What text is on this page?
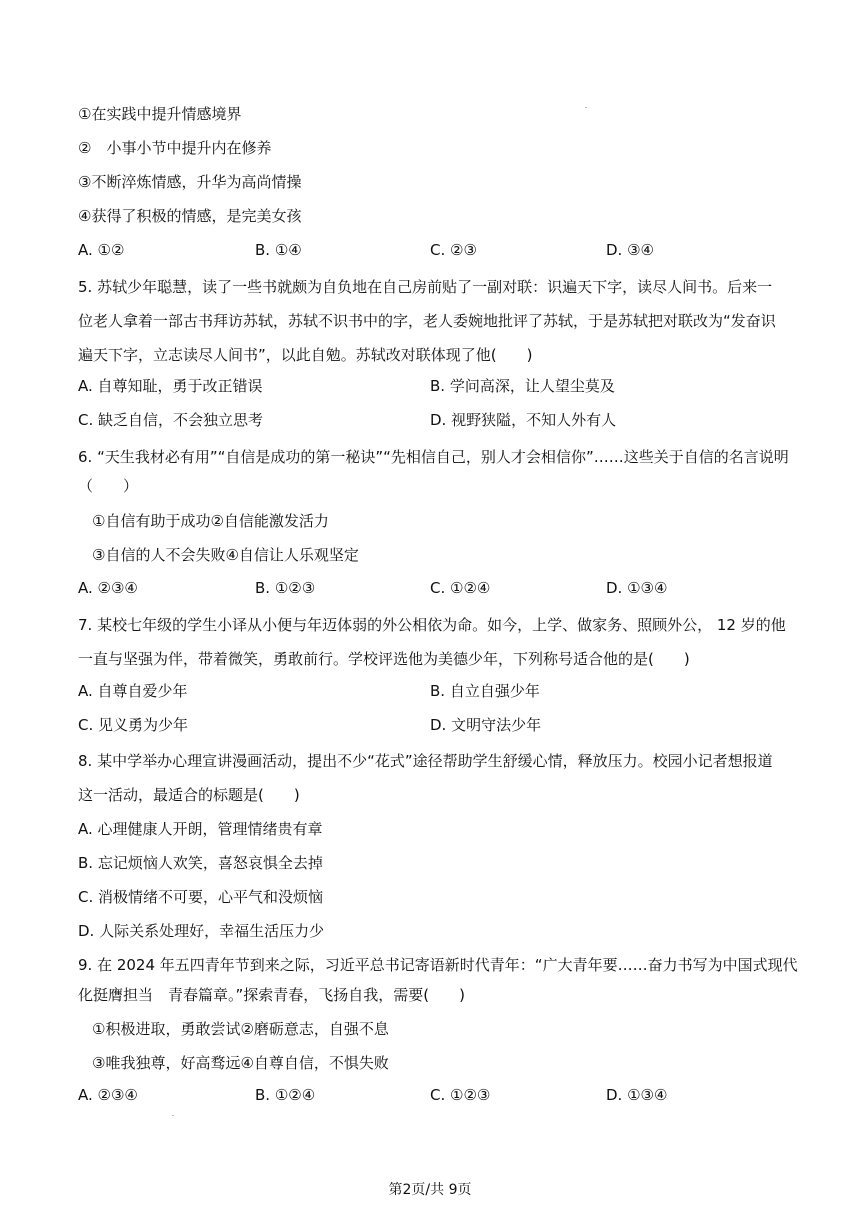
①在实践中提升情感境界
②　小事小节中提升内在修养
③不断淬炼情感，升华为高尚情操
④获得了积极的情感，是完美女孩
A. ①②	B. ①④	C. ②③	D. ③④
5. 苏轼少年聪慧，读了一些书就颇为自负地在自己房前贴了一副对联：识遍天下字，读尽人间书。后来一
位老人拿着一部古书拜访苏轼，苏轼不识书中的字，老人委婉地批评了苏轼，于是苏轼把对联改为“发奋识
遍天下字，立志读尽人间书”，以此自勉。苏轼改对联体现了他(　　)
A. 自尊知耻，勇于改正错误	B. 学问高深，让人望尘莫及
C. 缺乏自信，不会独立思考	D. 视野狭隘，不知人外有人
6. “天生我材必有用”“自信是成功的第一秘诀”“先相信自己，别人才会相信你”……这些关于自信的名言说明
（　　）
①自信有助于成功②自信能激发活力
③自信的人不会失败④自信让人乐观坚定
A. ②③④	B. ①②③	C. ①②④	D. ①③④
7. 某校七年级的学生小译从小便与年迈体弱的外公相依为命。如今，上学、做家务、照顾外公， 12 岁的他
一直与坚强为伴，带着微笑，勇敢前行。学校评选他为美德少年，下列称号适合他的是(　　)
A. 自尊自爱少年	B. 自立自强少年
C. 见义勇为少年	D. 文明守法少年
8. 某中学举办心理宣讲漫画活动，提出不少“花式”途径帮助学生舒缓心情，释放压力。校园小记者想报道
这一活动，最适合的标题是(　　)
A. 心理健康人开朗，管理情绪贵有章
B. 忘记烦恼人欢笑，喜怒哀惧全去掉
C. 消极情绪不可要，心平气和没烦恼
D. 人际关系处理好，幸福生活压力少
9. 在 2024 年五四青年节到来之际，习近平总书记寄语新时代青年：“广大青年要……奋力书写为中国式现代
化挺膺担当　青春篇章。”探索青春，飞扬自我，需要(　　)
①积极进取，勇敢尝试②磨砺意志，自强不息
③唯我独尊，好高骛远④自尊自信，不惧失败
A. ②③④	B. ①②④	C. ①②③	D. ①③④
第2页/共 9页
